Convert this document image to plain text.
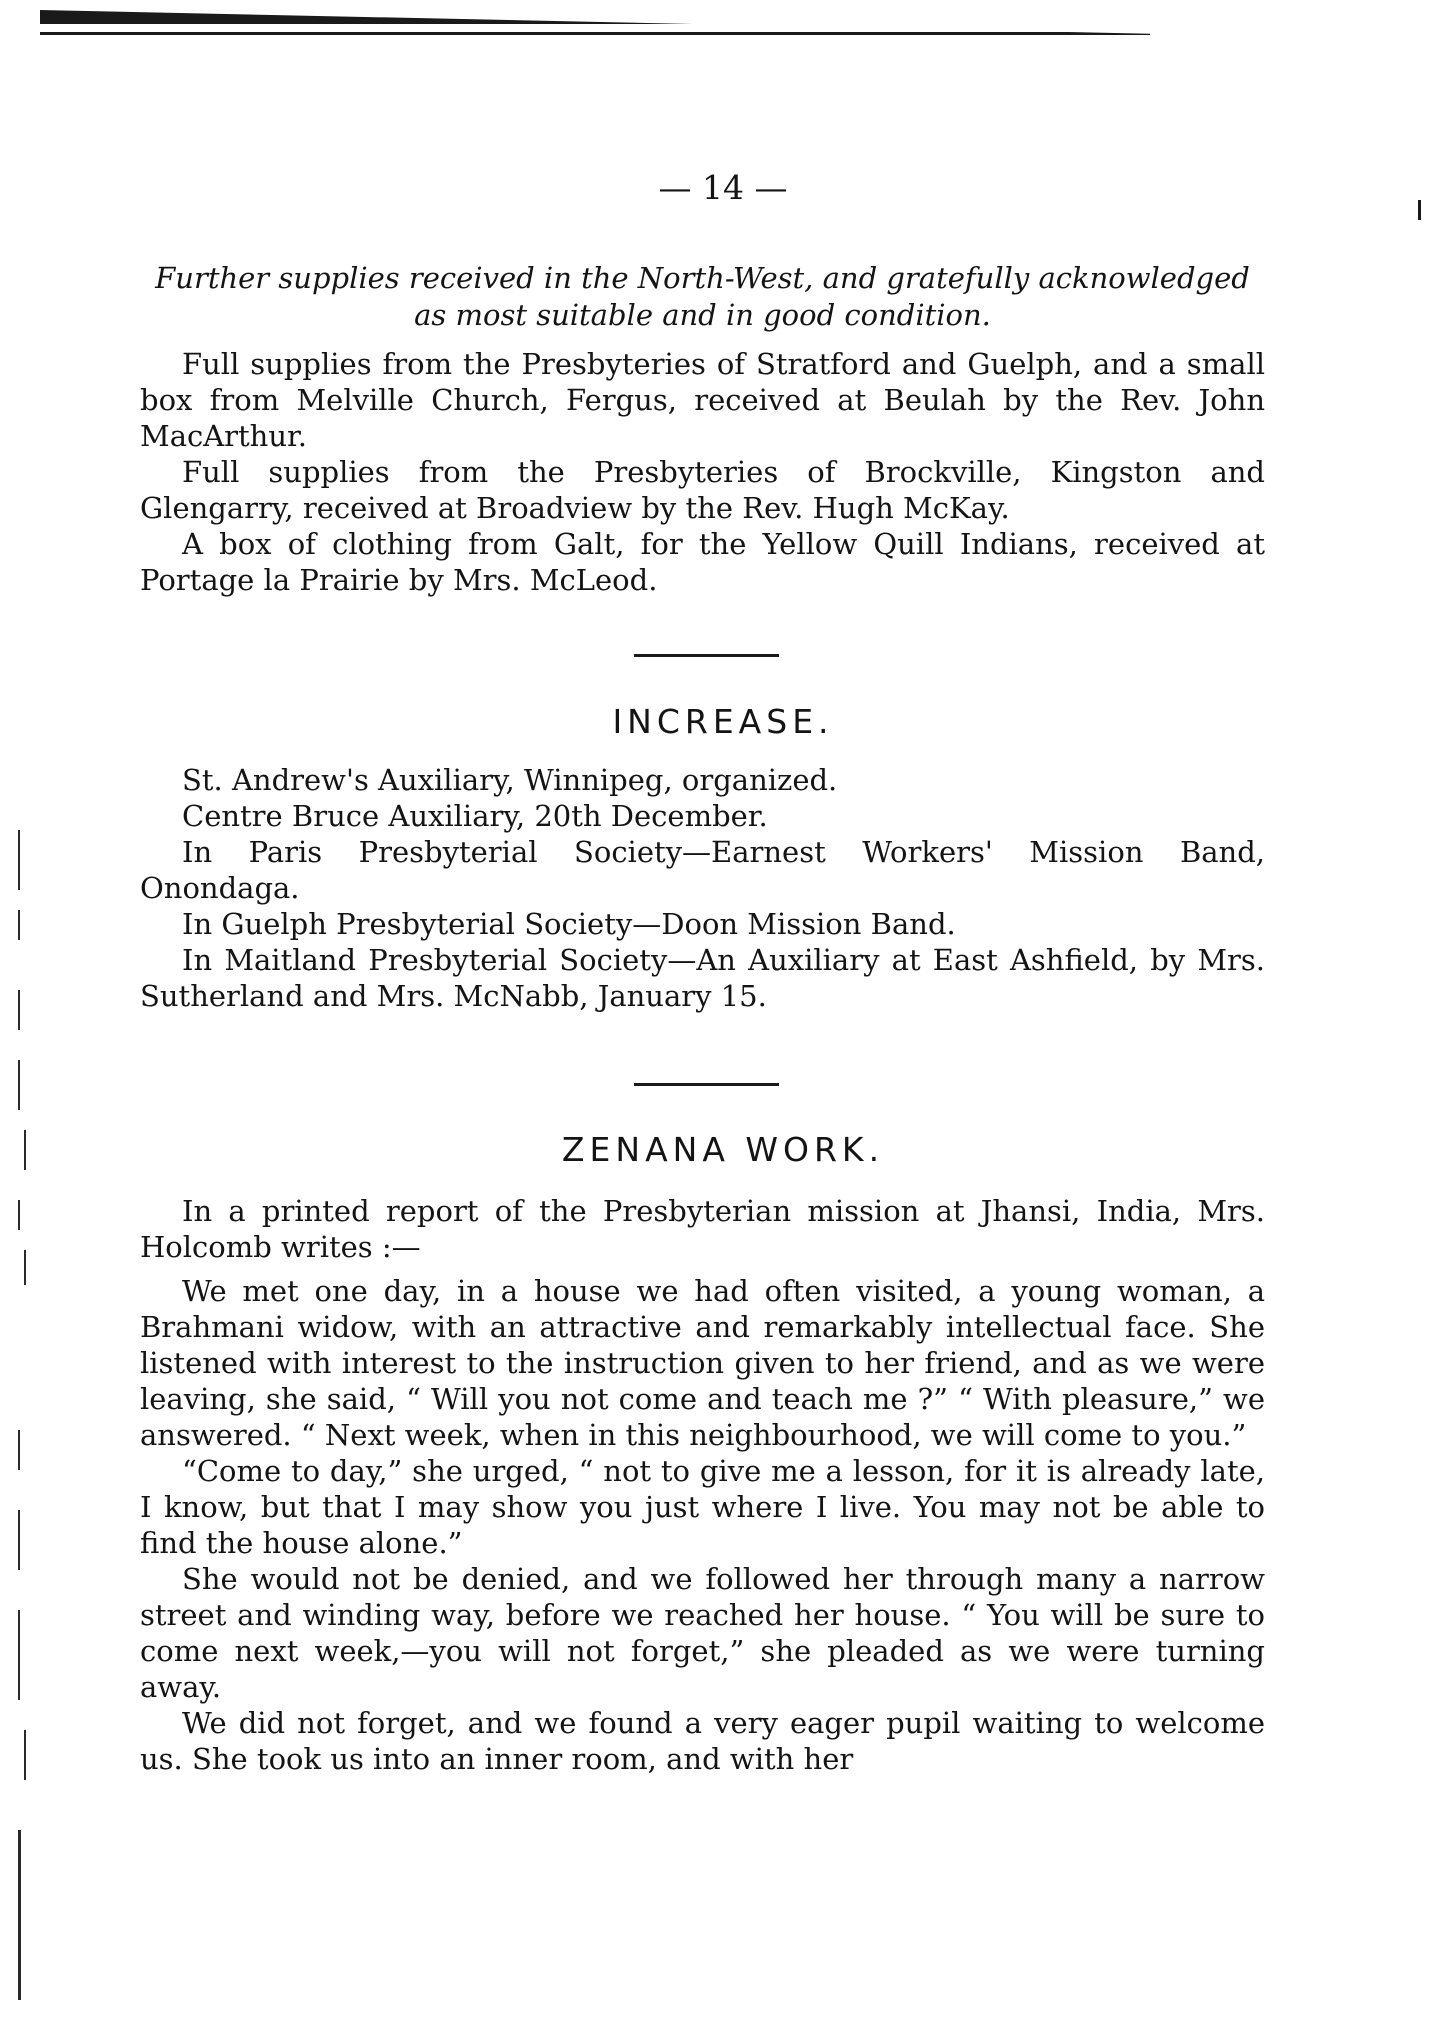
— 14 —

Further supplies received in the North-West, and gratefully acknowledged as most suitable and in good condition.

Full supplies from the Presbyteries of Stratford and Guelph, and a small box from Melville Church, Fergus, received at Beulah by the Rev. John MacArthur.

Full supplies from the Presbyteries of Brockville, Kingston and Glengarry, received at Broadview by the Rev. Hugh McKay.

A box of clothing from Galt, for the Yellow Quill Indians, received at Portage la Prairie by Mrs. McLeod.

INCREASE.

St. Andrew's Auxiliary, Winnipeg, organized.

Centre Bruce Auxiliary, 20th December.

In Paris Presbyterial Society—Earnest Workers' Mission Band, Onondaga.

In Guelph Presbyterial Society—Doon Mission Band.

In Maitland Presbyterial Society—An Auxiliary at East Ashfield, by Mrs. Sutherland and Mrs. McNabb, January 15.

ZENANA WORK.

In a printed report of the Presbyterian mission at Jhansi, India, Mrs. Holcomb writes :—

We met one day, in a house we had often visited, a young woman, a Brahmani widow, with an attractive and remarkably intellectual face. She listened with interest to the instruction given to her friend, and as we were leaving, she said, “ Will you not come and teach me ?” “ With pleasure,” we answered. “ Next week, when in this neighbourhood, we will come to you.”

“Come to day,” she urged, “ not to give me a lesson, for it is already late, I know, but that I may show you just where I live. You may not be able to find the house alone.”

She would not be denied, and we followed her through many a narrow street and winding way, before we reached her house. “ You will be sure to come next week,—you will not forget,” she pleaded as we were turning away.

We did not forget, and we found a very eager pupil waiting to welcome us. She took us into an inner room, and with her
